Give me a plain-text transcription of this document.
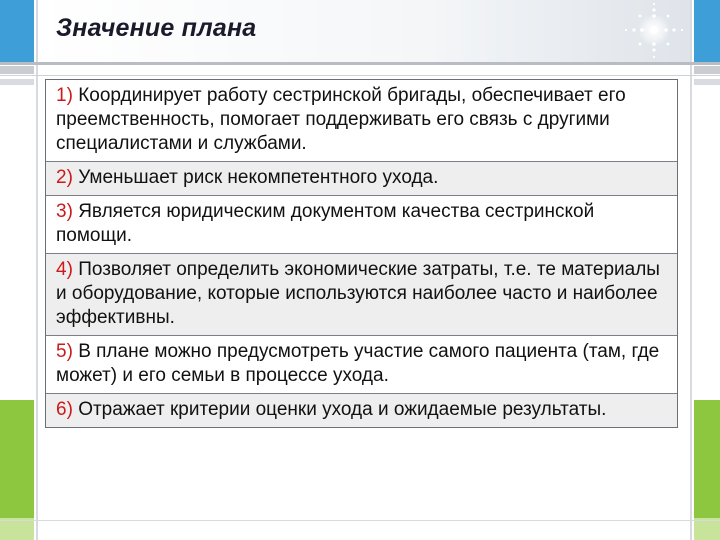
Значение плана
1) Координирует работу сестринской бригады, обеспечивает его преемственность, помогает поддерживать его связь с другими специалистами и службами.
2) Уменьшает риск некомпетентного ухода.
3) Является юридическим документом качества сестринской помощи.
4) Позволяет определить экономические затраты, т.е. те материалы и оборудование, которые используются наиболее часто и наиболее эффективны.
5) В плане можно предусмотреть участие самого пациента (там, где может) и его семьи в процессе ухода.
6) Отражает критерии оценки ухода и ожидаемые результаты.
